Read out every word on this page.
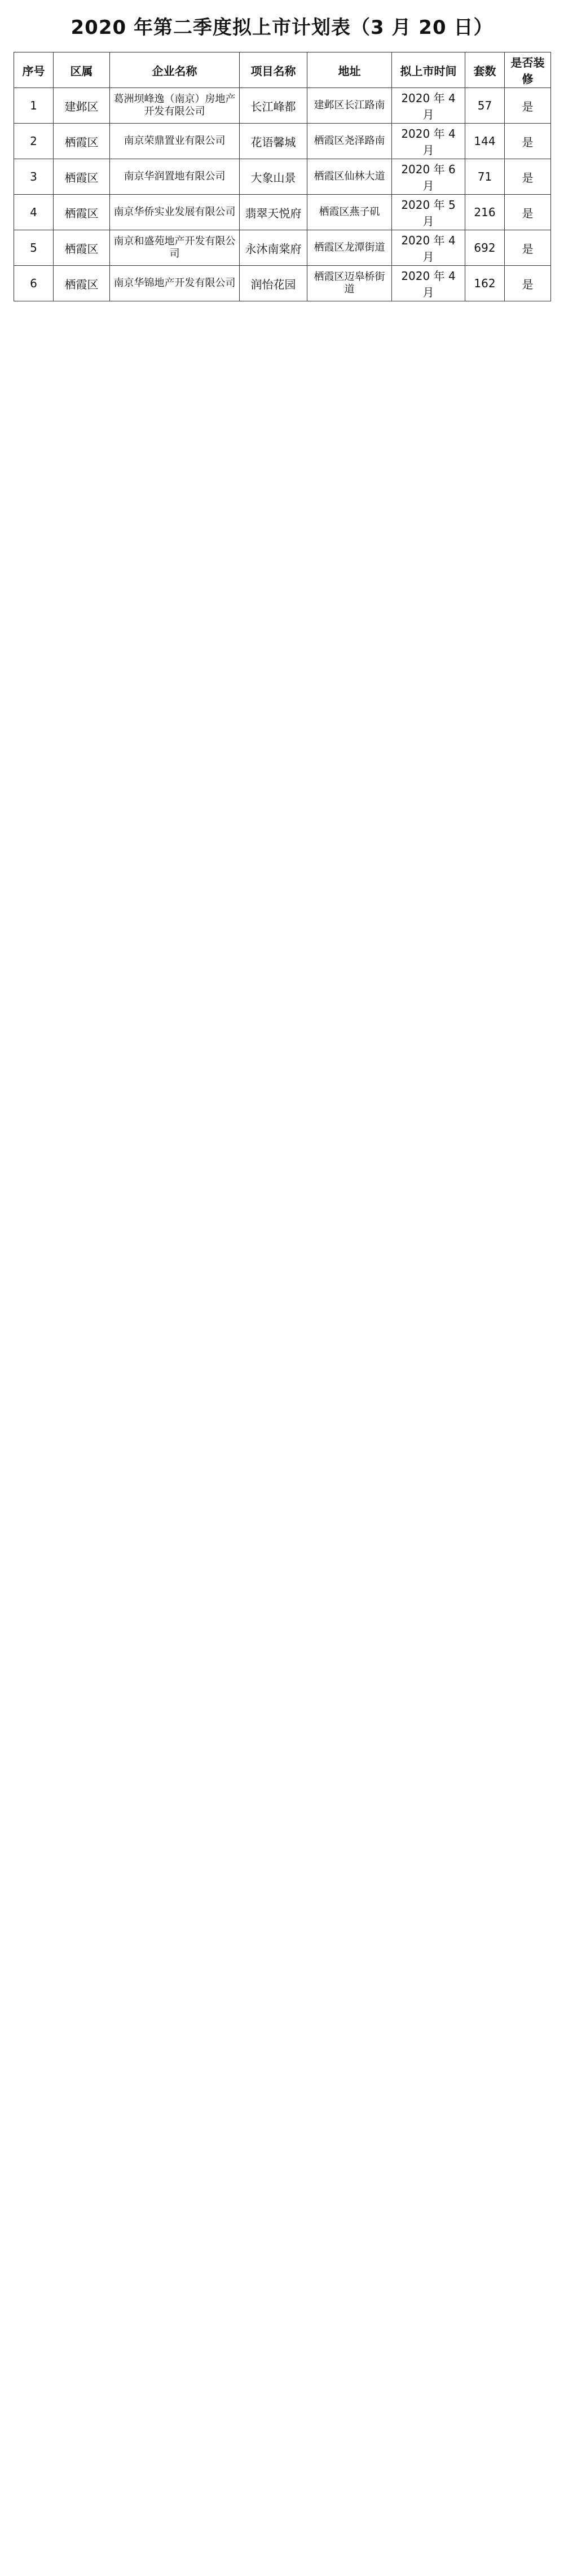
2020 年第二季度拟上市计划表（3 月 20 日）
序号	区属	企业名称	项目名称	地址	拟上市时间	套数	是否装修
1	建邺区	葛洲坝峰逸（南京）房地产开发有限公司	长江峰都	建邺区长江路南	2020 年 4 月	57	是
2	栖霞区	南京荣鼎置业有限公司	花语馨城	栖霞区尧泽路南	2020 年 4 月	144	是
3	栖霞区	南京华润置地有限公司	大象山景	栖霞区仙林大道	2020 年 6 月	71	是
4	栖霞区	南京华侨实业发展有限公司	翡翠天悦府	栖霞区燕子矶	2020 年 5 月	216	是
5	栖霞区	南京和盛苑地产开发有限公司	永沐南棠府	栖霞区龙潭街道	2020 年 4 月	692	是
6	栖霞区	南京华锦地产开发有限公司	润怡花园	栖霞区迈皋桥街道	2020 年 4 月	162	是
